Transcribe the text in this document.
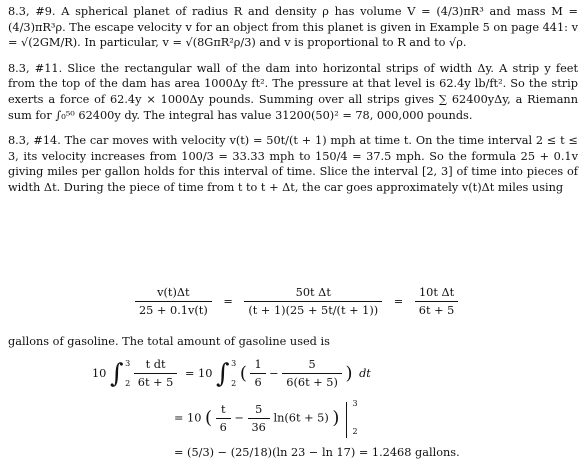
8.3, #9. A spherical planet of radius R and density ρ has volume V = (4/3)πR³ and mass M = (4/3)πR³ρ. The escape velocity v for an object from this planet is given in Example 5 on page 441: v = √(2GM/R). In particular, v = √(8GπR²ρ/3) and v is proportional to R and to √ρ.

8.3, #11. Slice the rectangular wall of the dam into horizontal strips of width Δy. A strip y feet from the top of the dam has area 1000Δy ft². The pressure at that level is 62.4y lb/ft². So the strip exerts a force of 62.4y × 1000Δy pounds. Summing over all strips gives ∑ 62400yΔy, a Riemann sum for ∫₀⁵⁰ 62400y dy. The integral has value 31200(50)² = 78, 000,000 pounds.

8.3, #14. The car moves with velocity v(t) = 50t/(t + 1) mph at time t. On the time interval 2 ≤ t ≤ 3, its velocity increases from 100/3 = 33.33 mph to 150/4 = 37.5 mph. So the formula 25 + 0.1v giving miles per gallon holds for this interval of time. Slice the interval [2, 3] of time into pieces of width Δt. During the piece of time from t to t + Δt, the car goes approximately v(t)Δt miles using

$\frac{v(t)\Delta t}{25 + 0.1v(t)} = \frac{\text{50t Δt}}{(t + 1)(25 + 5t/(t + 1))} = \frac{\text{10t Δt}}{6t + 5}$
gallons of gasoline. The total amount of gasoline used is
10 ∫ 3
2
$\frac{\text{t dt}}{6t + 5} = 10$ ∫ 3
2 ( $\frac{1}{6} - \frac{5}{6(6t + 5)}$ ) dt
= 10 ( $\frac{t}{6} - \frac{5}{36} \ln(6t + 5)$ )
3
2
= (5/3) − (25/18)(ln 23 − ln 17) = 1.2468 gallons.
